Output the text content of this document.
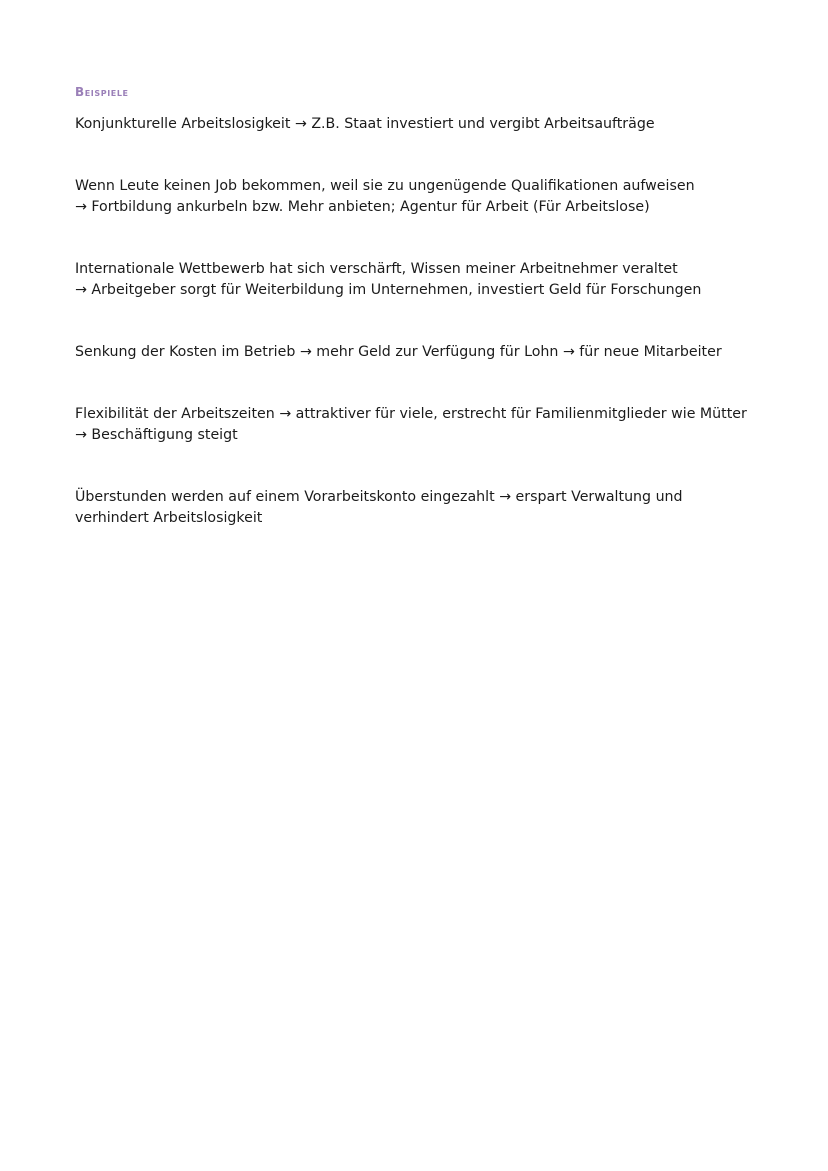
Beispiele

Konjunkturelle Arbeitslosigkeit → Z.B. Staat investiert und vergibt Arbeitsaufträge

Wenn Leute keinen Job bekommen, weil sie zu ungenügende Qualifikationen aufweisen
→ Fortbildung ankurbeln bzw. Mehr anbieten; Agentur für Arbeit (Für Arbeitslose)

Internationale Wettbewerb hat sich verschärft, Wissen meiner Arbeitnehmer veraltet
→ Arbeitgeber sorgt für Weiterbildung im Unternehmen, investiert Geld für Forschungen

Senkung der Kosten im Betrieb → mehr Geld zur Verfügung für Lohn → für neue Mitarbeiter

Flexibilität der Arbeitszeiten → attraktiver für viele, erstrecht für Familienmitglieder wie Mütter
→ Beschäftigung steigt

Überstunden werden auf einem Vorarbeitskonto eingezahlt → erspart Verwaltung und
verhindert Arbeitslosigkeit
